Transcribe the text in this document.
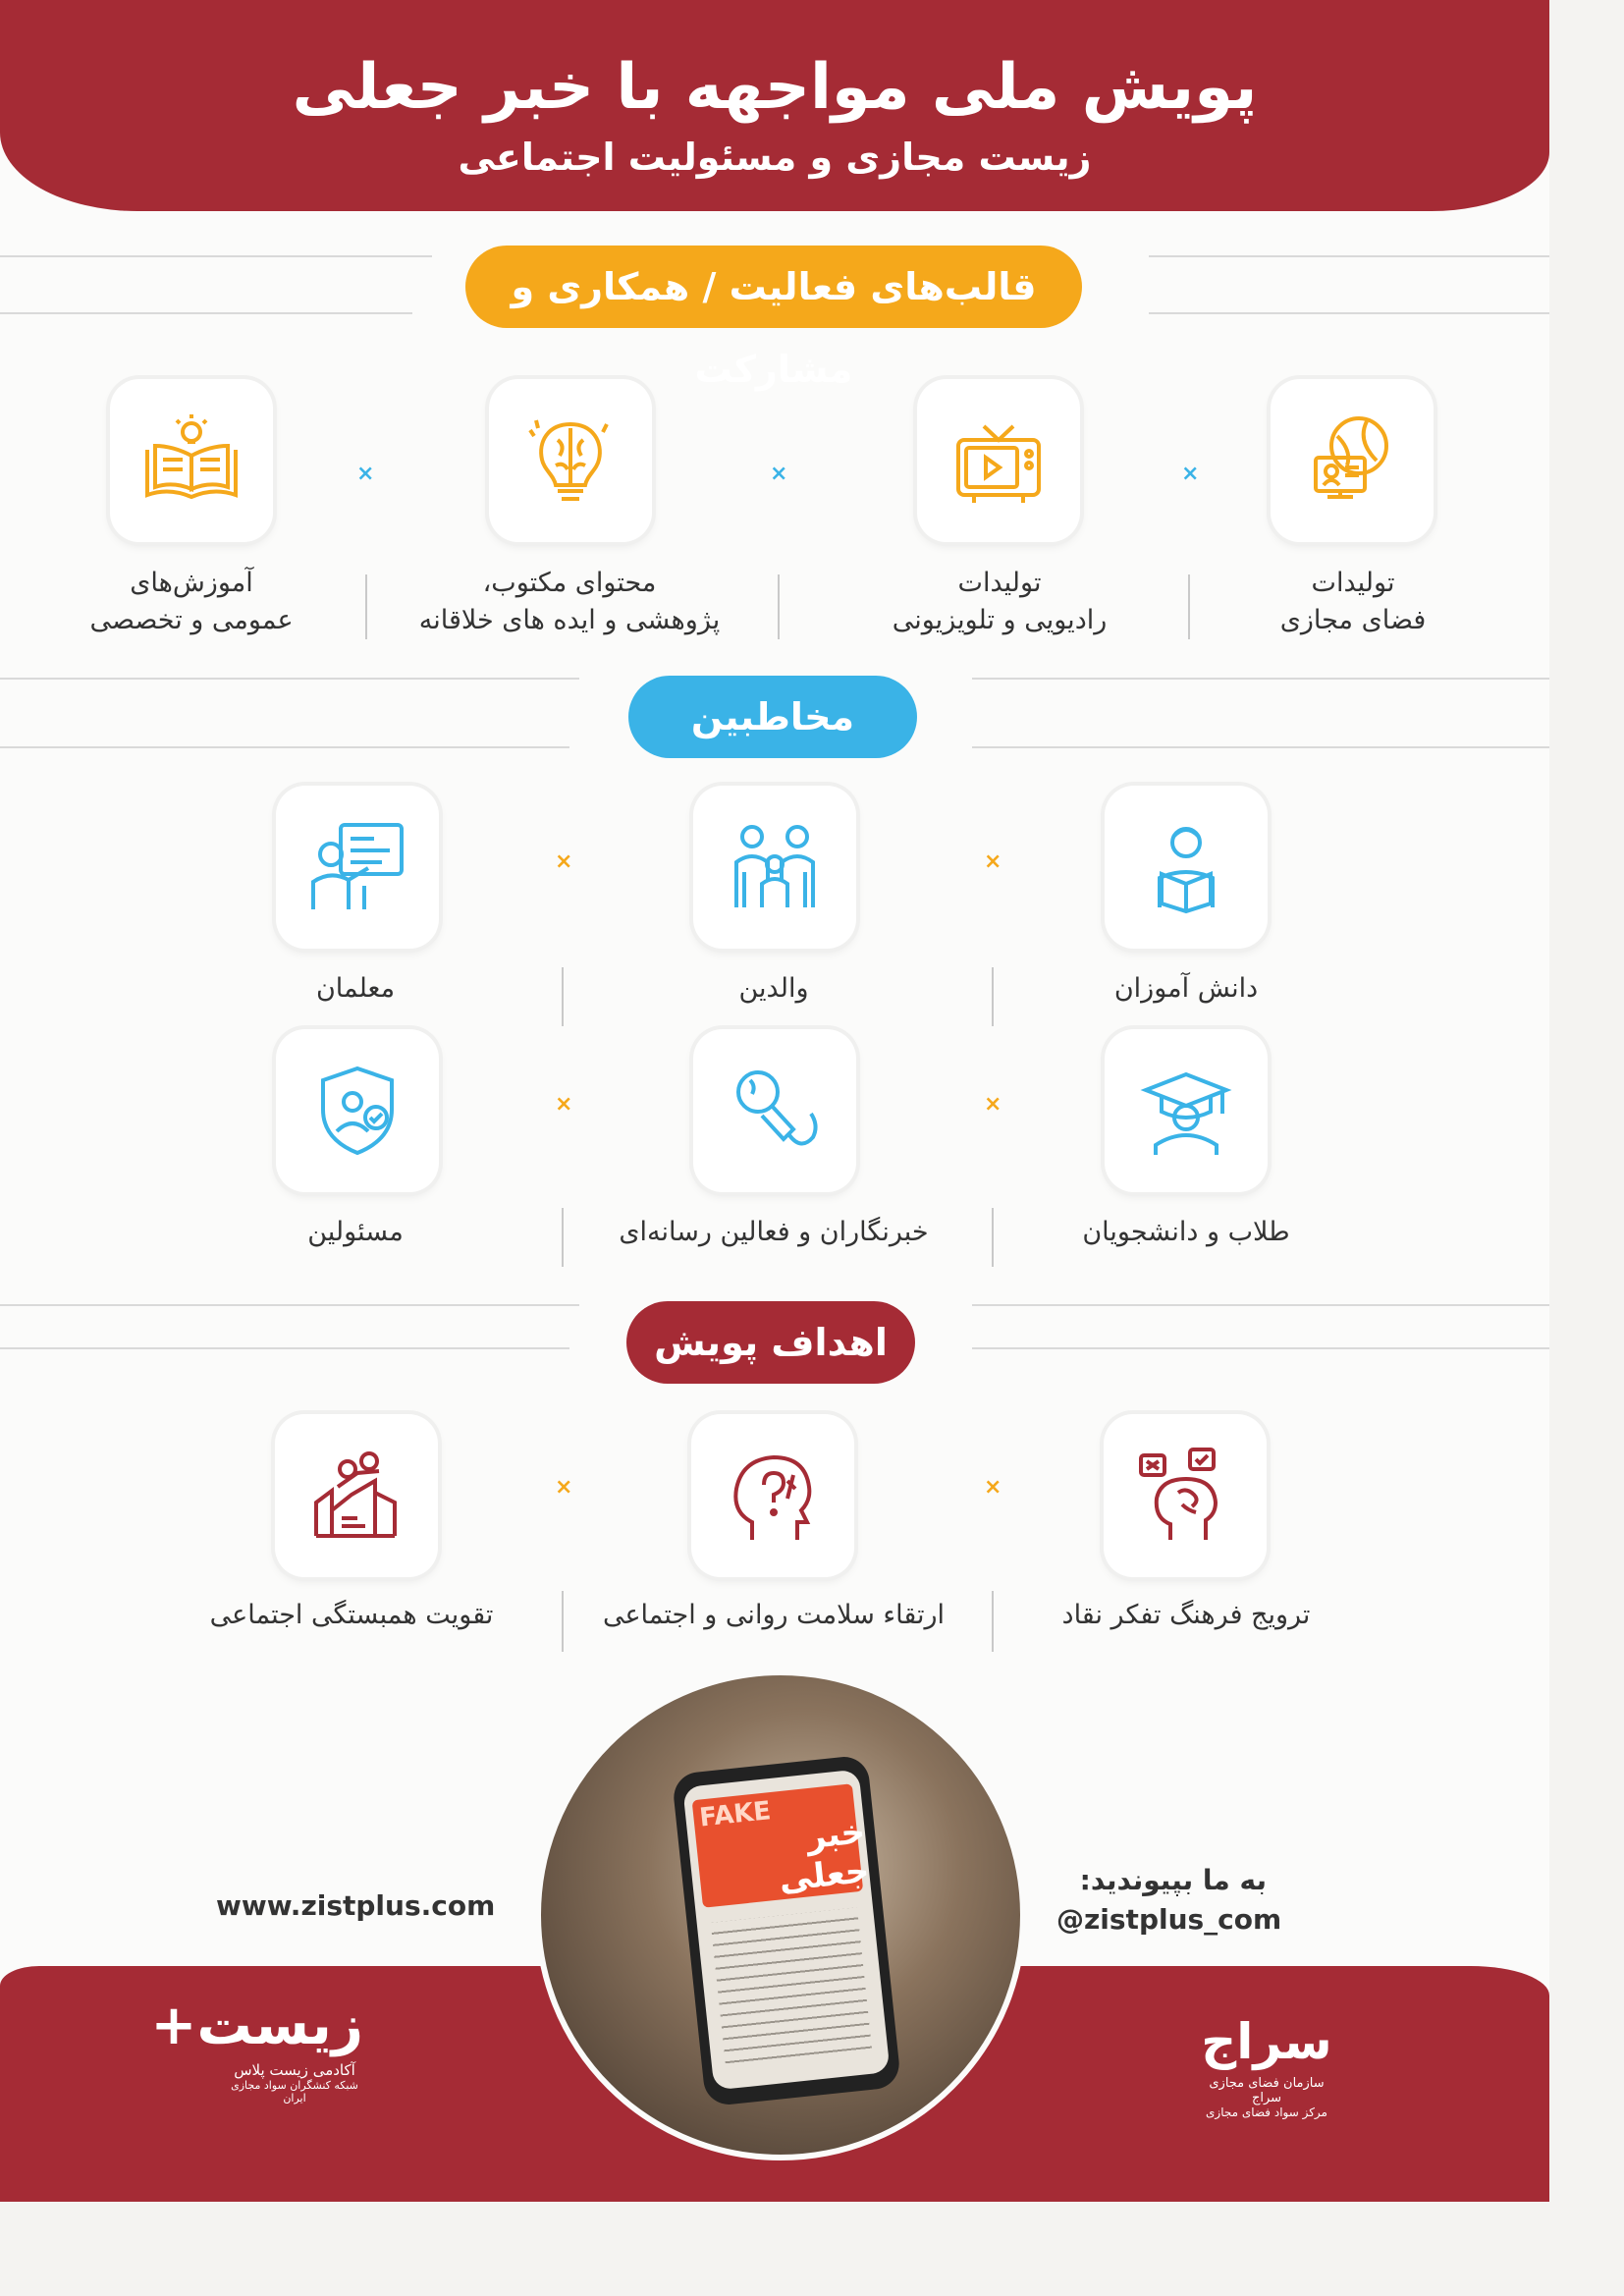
پویش ملی مواجهه با خبر جعلی
زیست مجازی و مسئولیت اجتماعی
قالب‌های فعالیت / همکاری و مشارکت
×
×
×
تولیدات
فضای مجازی
تولیدات
رادیویی و تلویزیونی
محتوای مکتوب،
پژوهشی و ایده های خلاقانه
آموزش‌های
عمومی و تخصصی
مخاطبین
×
×
دانش آموزان
والدین
معلمان
×
×
طلاب و دانشجویان
خبرنگاران و فعالین رسانه‌ای
مسئولین
اهداف پویش
×
×
ترویج فرهنگ تفکر نقاد
ارتقاء سلامت روانی و اجتماعی
تقویت همبستگی اجتماعی
www.zistplus.com
به ما بپیوندید:
@zistplus_com
FAKE خبر جعلی
زیست+
آکادمی زیست پلاس
شبکه کنشگران سواد مجازی ایران
سراج
سازمان فضای مجازی سراج
مرکز سواد فضای مجازی
